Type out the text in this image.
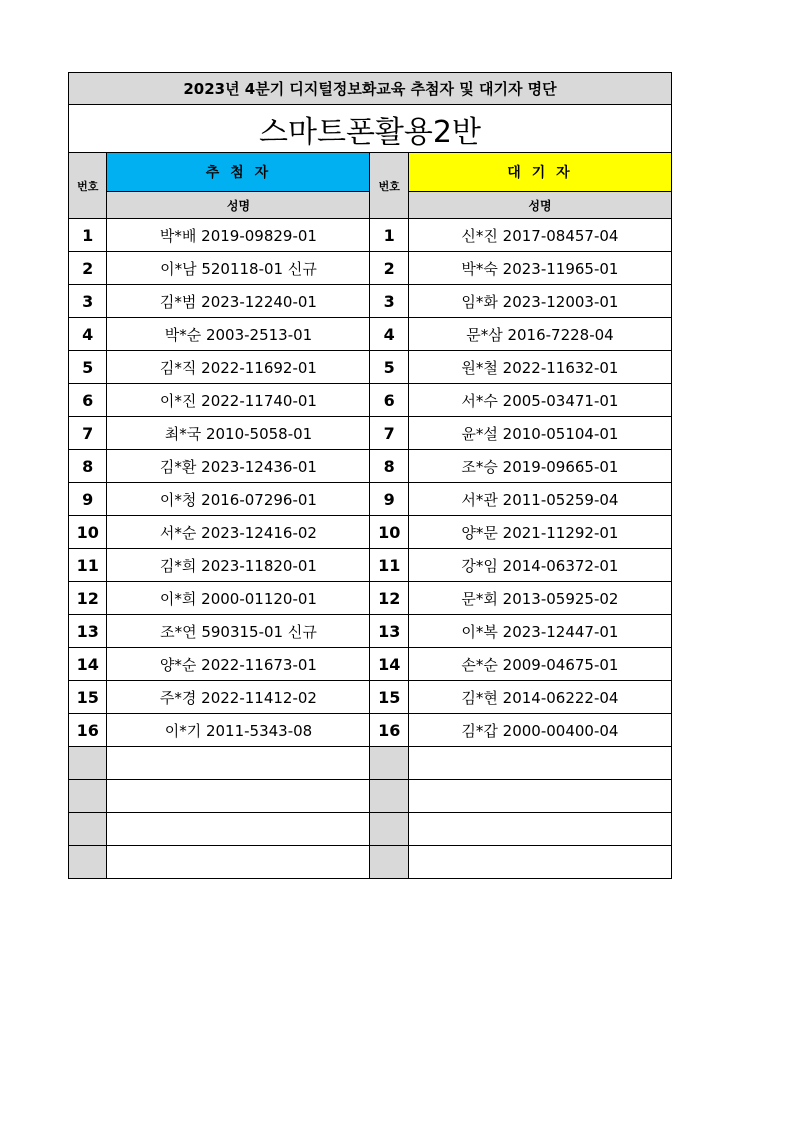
2023년 4분기 디지털정보화교육 추첨자 및 대기자 명단			
스마트폰활용2반			
번호	추 첨 자	번호	대 기 자
	성명		성명
1	박*배 2019-09829-01	1	신*진 2017-08457-04
2	이*남 520118-01 신규	2	박*숙 2023-11965-01
3	김*범 2023-12240-01	3	임*화 2023-12003-01
4	박*순 2003-2513-01	4	문*삼 2016-7228-04
5	김*직 2022-11692-01	5	원*철 2022-11632-01
6	이*진 2022-11740-01	6	서*수 2005-03471-01
7	최*국 2010-5058-01	7	윤*설 2010-05104-01
8	김*환 2023-12436-01	8	조*승 2019-09665-01
9	이*청 2016-07296-01	9	서*관 2011-05259-04
10	서*순 2023-12416-02	10	양*문 2021-11292-01
11	김*희 2023-11820-01	11	강*임 2014-06372-01
12	이*희 2000-01120-01	12	문*회 2013-05925-02
13	조*연 590315-01 신규	13	이*복 2023-12447-01
14	양*순 2022-11673-01	14	손*순 2009-04675-01
15	주*경 2022-11412-02	15	김*현 2014-06222-04
16	이*기 2011-5343-08	16	김*갑 2000-00400-04
